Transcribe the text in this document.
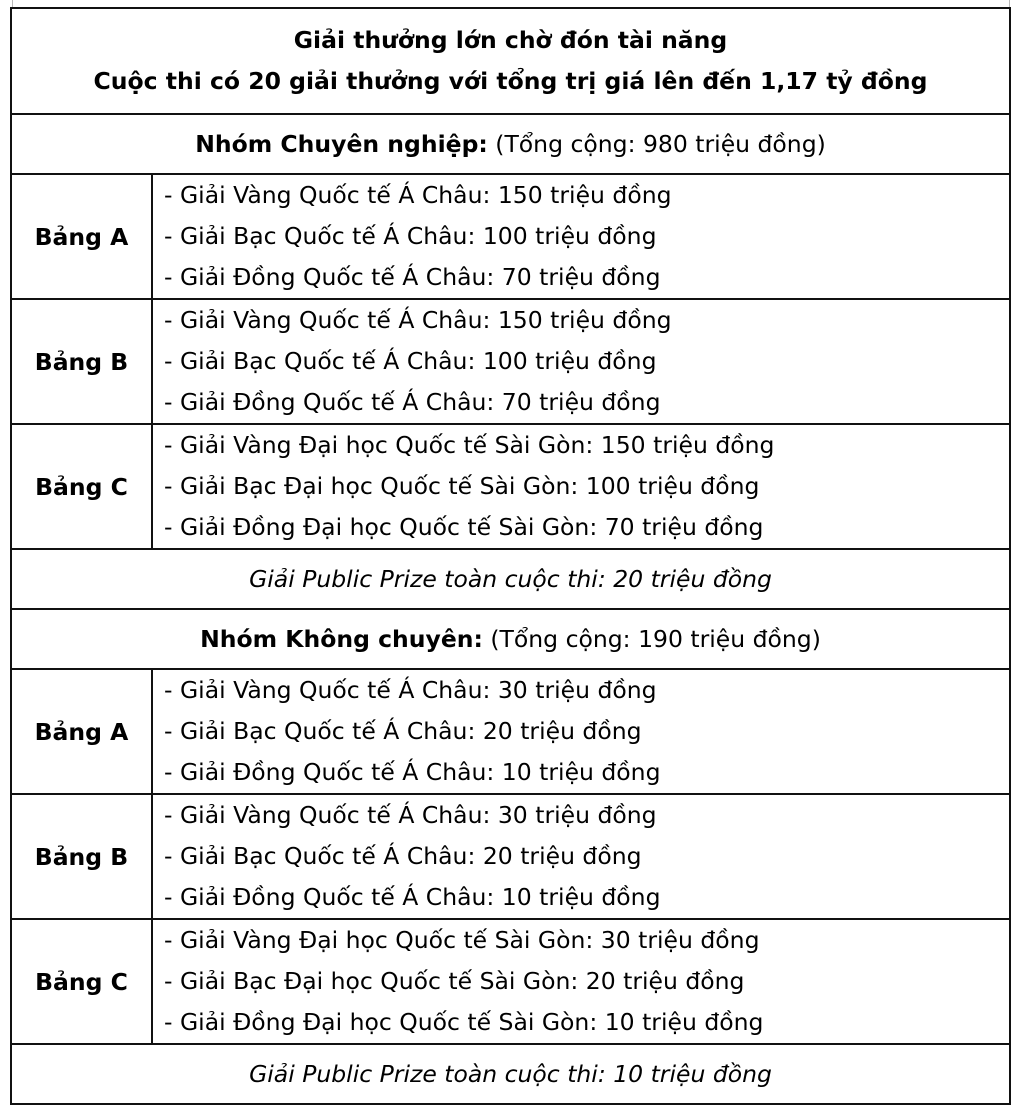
Giải thưởng lớn chờ đón tài năng
Cuộc thi có 20 giải thưởng với tổng trị giá lên đến 1,17 tỷ đồng	

Nhóm Chuyên nghiệp: (Tổng cộng: 980 triệu đồng)	
Bảng A	- Giải Vàng Quốc tế Á Châu: 150 triệu đồng
- Giải Bạc Quốc tế Á Châu: 100 triệu đồng
- Giải Đồng Quốc tế Á Châu: 70 triệu đồng

Bảng B	- Giải Vàng Quốc tế Á Châu: 150 triệu đồng
- Giải Bạc Quốc tế Á Châu: 100 triệu đồng
- Giải Đồng Quốc tế Á Châu: 70 triệu đồng

Bảng C	- Giải Vàng Đại học Quốc tế Sài Gòn: 150 triệu đồng
- Giải Bạc Đại học Quốc tế Sài Gòn: 100 triệu đồng
- Giải Đồng Đại học Quốc tế Sài Gòn: 70 triệu đồng

Giải Public Prize toàn cuộc thi: 20 triệu đồng	
Nhóm Không chuyên: (Tổng cộng: 190 triệu đồng)	
Bảng A	- Giải Vàng Quốc tế Á Châu: 30 triệu đồng
- Giải Bạc Quốc tế Á Châu: 20 triệu đồng
- Giải Đồng Quốc tế Á Châu: 10 triệu đồng

Bảng B	- Giải Vàng Quốc tế Á Châu: 30 triệu đồng
- Giải Bạc Quốc tế Á Châu: 20 triệu đồng
- Giải Đồng Quốc tế Á Châu: 10 triệu đồng

Bảng C	- Giải Vàng Đại học Quốc tế Sài Gòn: 30 triệu đồng
- Giải Bạc Đại học Quốc tế Sài Gòn: 20 triệu đồng
- Giải Đồng Đại học Quốc tế Sài Gòn: 10 triệu đồng

Giải Public Prize toàn cuộc thi: 10 triệu đồng	
